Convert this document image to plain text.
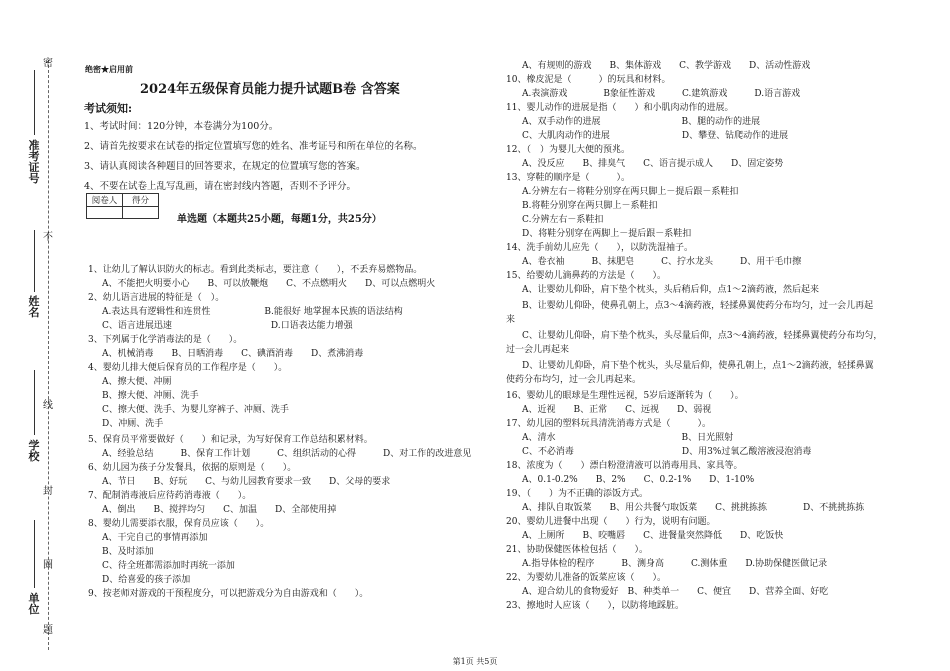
密
不
线
封
圈
题
准考证号
姓名
学校
单位
绝密★启用前
2024年五级保育员能力提升试题B卷 含答案
考试须知:
1、考试时间：120分钟，本卷满分为100分。
2、请首先按要求在试卷的指定位置填写您的姓名、准考证号和所在单位的名称。
3、请认真阅读各种题目的回答要求，在规定的位置填写您的答案。
4、不要在试卷上乱写乱画，请在密封线内答题，否则不予评分。
阅卷人	得分

单选题（本题共25小题，每题1分，共25分）
1、让幼儿了解认识防火的标志。看到此类标志，要注意（　　），不丢弃易燃物品。
A、不能把火明要小心　　B、可以放鞭炮　　C、不点燃明火　　D、可以点燃明火
2、幼儿语言进展的特征是（　）。
A.表达具有逻辑性和连贯性　　　　　　B.能很好 地掌握本民族的语法结构
C、语言进展迅速　　　　　　　　　　　D.口语表达能力增强
3、下列属于化学消毒法的是（　　）。
A、机械消毒　　B、日晒消毒　　C、碘酒消毒　　D、煮沸消毒
4、婴幼儿排大便后保育员的工作程序是（　　）。
A、擦大便、冲厕
B、擦大便、冲厕、洗手
C、擦大便、洗手、为婴儿穿裤子、冲厕、洗手
D、冲厕、洗手
5、保育员平常要做好（　　）和记录，为写好保育工作总结积累材料。
A、经验总结　　　B、保育工作计划　　　C、组织活动的心得　　　D、对工作的改进意见
6、幼儿园为孩子分发餐具，依据的原则是（　　）。
A、节日　　B、好玩　　C、与幼儿园教育要求一致　　D、父母的要求
7、配制消毒液后应待药消毒液（　　）。
A、倒出　　B、搅拌均匀　　C、加温　　D、全部使用掉
8、婴幼儿需要添衣服，保育员应该（　　）。
A、干完自己的事情再添加
B、及时添加
C、待全班都需添加时再统一添加
D、给喜爱的孩子添加
9、按老师对游戏的干预程度分，可以把游戏分为自由游戏和（　　）。
A、有规则的游戏　　B、集体游戏　　C、教学游戏　　D、活动性游戏
10、橡皮泥是（　　　）的玩具和材料。
A.表演游戏　　　　B象征性游戏　　　C.建筑游戏　　　D.语言游戏
11、婴儿动作的进展是指（　　）和小肌肉动作的进展。
A、双手动作的进展　　　　　　　　　B、腿的动作的进展
C、大肌肉动作的进展　　　　　　　　D、攀登、钻爬动作的进展
12、（　）为婴儿大便的预兆。
A、没反应　　B、排臭气　　C、语言提示成人　　D、固定姿势
13、穿鞋的顺序是（　　　）。
A.分辨左右－将鞋分别穿在两只脚上－提后跟－系鞋扣
B.将鞋分别穿在两只脚上－系鞋扣
C.分辨左右－系鞋扣
D、将鞋分别穿在两脚上－提后跟－系鞋扣
14、洗手前幼儿应先（　　），以防洗湿袖子。
A、卷衣袖　　　B、抹肥皂　　　C、拧水龙头　　　D、用干毛巾擦
15、给婴幼儿滴鼻药的方法是（　　）。
A、让婴幼儿仰卧，肩下垫个枕头，头后稍后仰，点1～2滴药液，然后起来
B、让婴幼儿仰卧，使鼻孔朝上，点3～4滴药液，轻揉鼻翼使药分布均匀，过一会儿再起
来
C、让婴幼儿仰卧，肩下垫个枕头，头尽量后仰，点3～4滴药液，轻揉鼻翼使药分布均匀，
过一会儿再起来
D、让婴幼儿仰卧，肩下垫个枕头，头尽量后仰，使鼻孔朝上，点1～2滴药液，轻揉鼻翼
使药分布均匀，过一会儿再起来。
16、婴幼儿的眼球是生理性远视，5岁后逐渐转为（　　）。
A、近视　　B、正常　　C、远视　　D、弱视
17、幼儿园的塑料玩具清洗消毒方式是（　　　）。
A、清水　　　　　　　　　　　　　　B、日光照射
C、不必消毒　　　　　　　　　　　　D、用3%过氧乙酸溶液浸泡消毒
18、浓度为（　　）漂白粉澄清液可以消毒用具、家具等。
A、0.1-0.2%　　B、2%　　C、0.2-1%　　D、1-10%
19、（　　）为不正确的添饭方式。
A、排队自取饭菜　　B、用公共餐勺取饭菜　　C、挑挑拣拣　　　　D、不挑挑拣拣
20、婴幼儿进餐中出现（　　）行为，说明有问题。
A、上厕所　　B、咬嘴唇　　C、进餐量突然降低　　D、吃饭快
21、协助保健医体检包括（　　）。
A.指导体检的程序　　　B、测身高　　　C.测体重　　D.协助保健医做记录
22、为婴幼儿准备的饭菜应该（　　）。
A、迎合幼儿的食物爱好　B、种类单一　　C、便宜　　D、营养全面、好吃
23、擦地时人应该（　　），以防将地踩脏。
第1页 共5页
